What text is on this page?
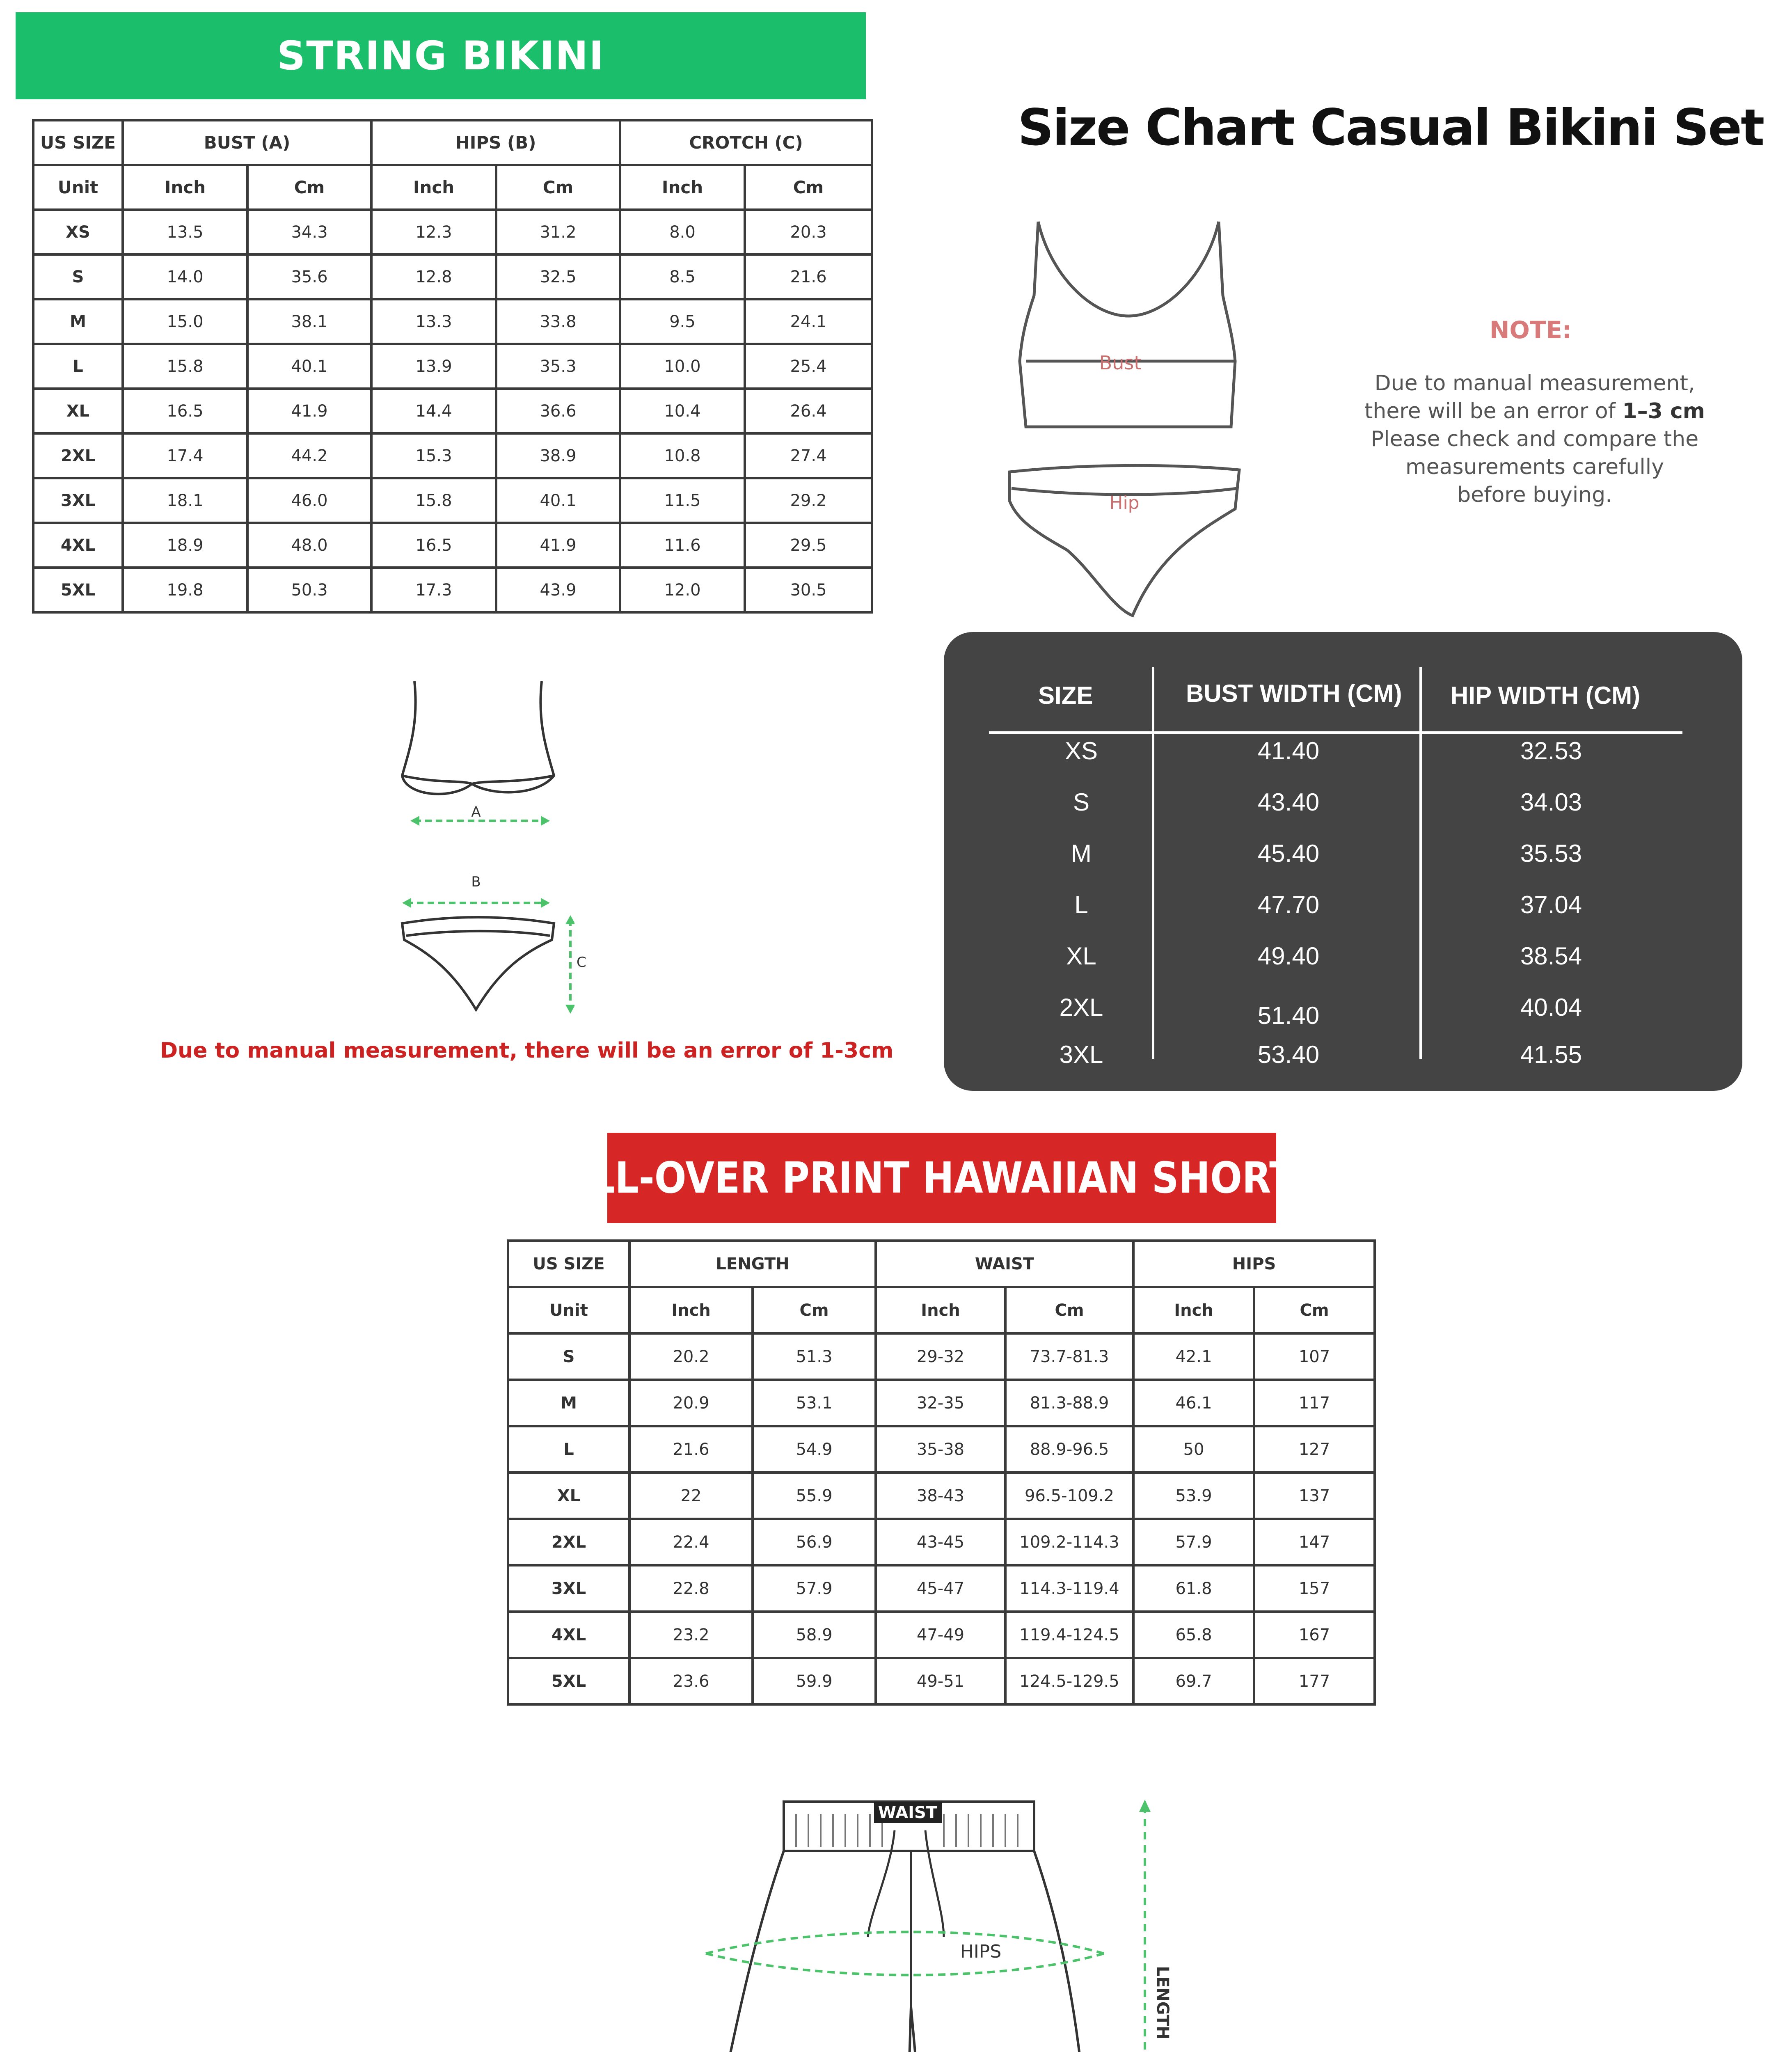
STRING BIKINI
US SIZE	BUST (A)		HIPS (B)		CROTCH (C)	
Unit	Inch	Cm	Inch	Cm	Inch	Cm
XS	13.5	34.3	12.3	31.2	8.0	20.3
S	14.0	35.6	12.8	32.5	8.5	21.6
M	15.0	38.1	13.3	33.8	9.5	24.1
L	15.8	40.1	13.9	35.3	10.0	25.4
XL	16.5	41.9	14.4	36.6	10.4	26.4
2XL	17.4	44.2	15.3	38.9	10.8	27.4
3XL	18.1	46.0	15.8	40.1	11.5	29.2
4XL	18.9	48.0	16.5	41.9	11.6	29.5
5XL	19.8	50.3	17.3	43.9	12.0	30.5
A
B
C
Due to manual measurement, there will be an error of 1-3cm
Size Chart Casual Bikini Set
Bust
Hip
NOTE:
Due to manual measurement,
there will be an error of 1–3 cm
Please check and compare the
measurements carefully
before buying.
SIZE	BUST WIDTH (CM) HIP WIDTH (CM)
XS	41.40	32.53
S	43.40	34.03
M	45.40	35.53
L	47.70	37.04
XL	49.40	38.54
2XL	51.40	40.04
3XL	53.40	41.55
ALL-OVER PRINT HAWAIIAN SHORTS
US SIZE	LENGTH		WAIST		HIPS	
Unit	Inch	Cm	Inch	Cm	Inch	Cm
S	20.2	51.3	29-32	73.7-81.3	42.1	107
M	20.9	53.1	32-35	81.3-88.9	46.1	117
L	21.6	54.9	35-38	88.9-96.5	50	127
XL	22	55.9	38-43	96.5-109.2	53.9	137
2XL	22.4	56.9	43-45	109.2-114.3	57.9	147
3XL	22.8	57.9	45-47	114.3-119.4	61.8	157
4XL	23.2	58.9	47-49	119.4-124.5	65.8	167
5XL	23.6	59.9	49-51	124.5-129.5	69.7	177
WAIST
HIPS
LENGTH
